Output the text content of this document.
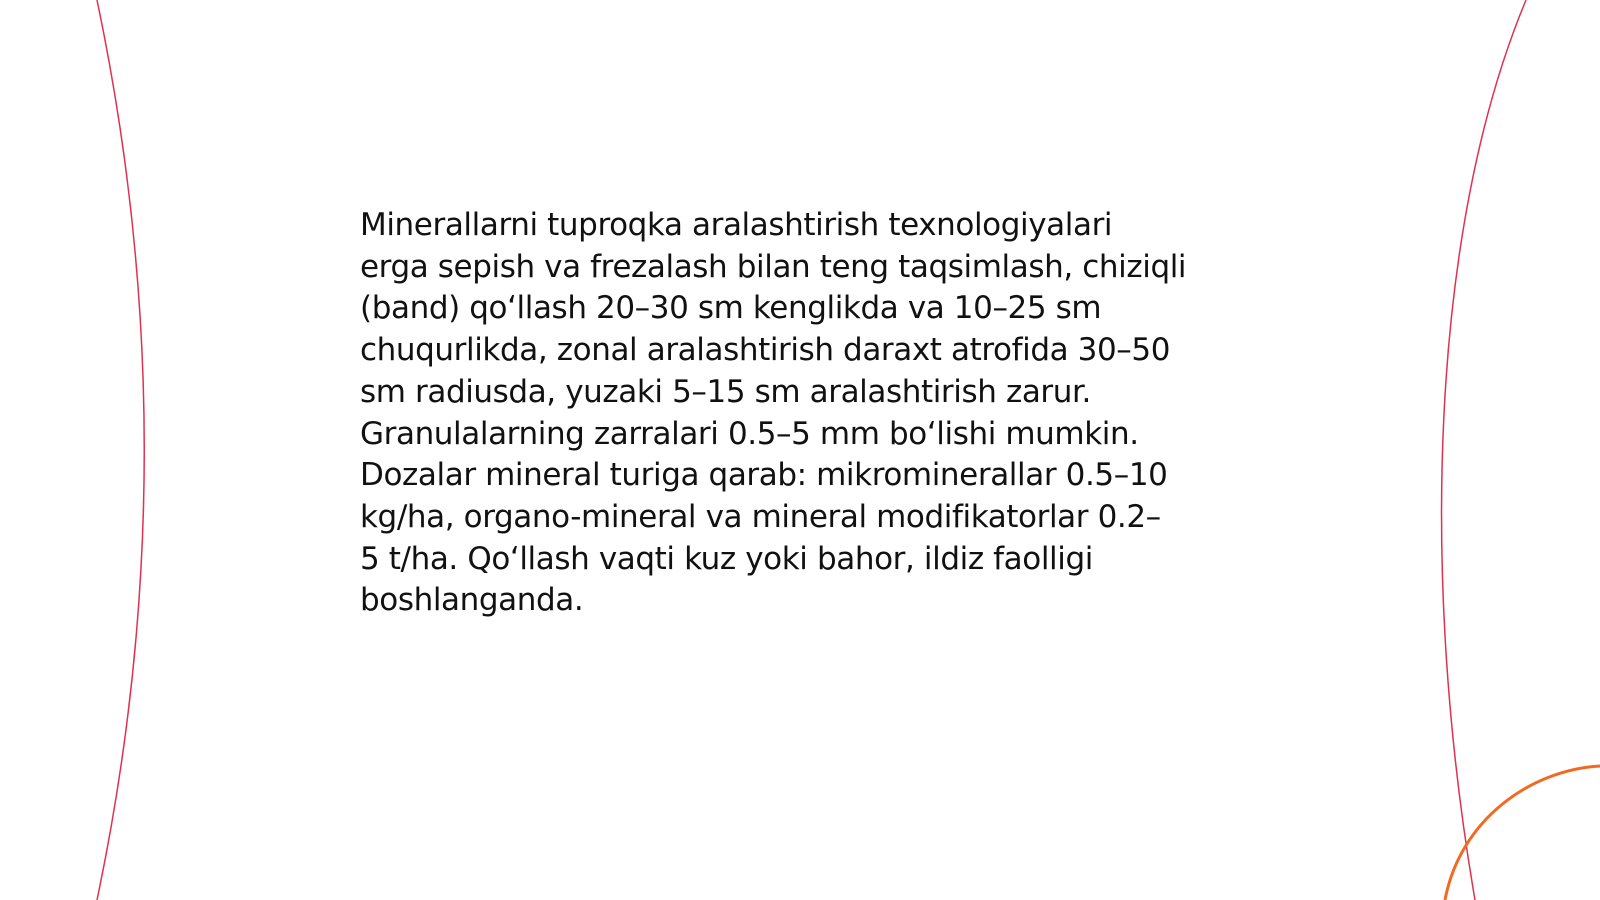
Minerallarni tuproqka aralashtirish texnologiyalari
erga sepish va frezalash bilan teng taqsimlash, chiziqli
(band) qo‘llash 20–30 sm kenglikda va 10–25 sm
chuqurlikda, zonal aralashtirish daraxt atrofida 30–50
sm radiusda, yuzaki 5–15 sm aralashtirish zarur.
Granulalarning zarralari 0.5–5 mm bo‘lishi mumkin.
Dozalar mineral turiga qarab: mikrominerallar 0.5–10
kg/ha, organo-mineral va mineral modifikatorlar 0.2–
5 t/ha. Qo‘llash vaqti kuz yoki bahor, ildiz faolligi
boshlanganda.
